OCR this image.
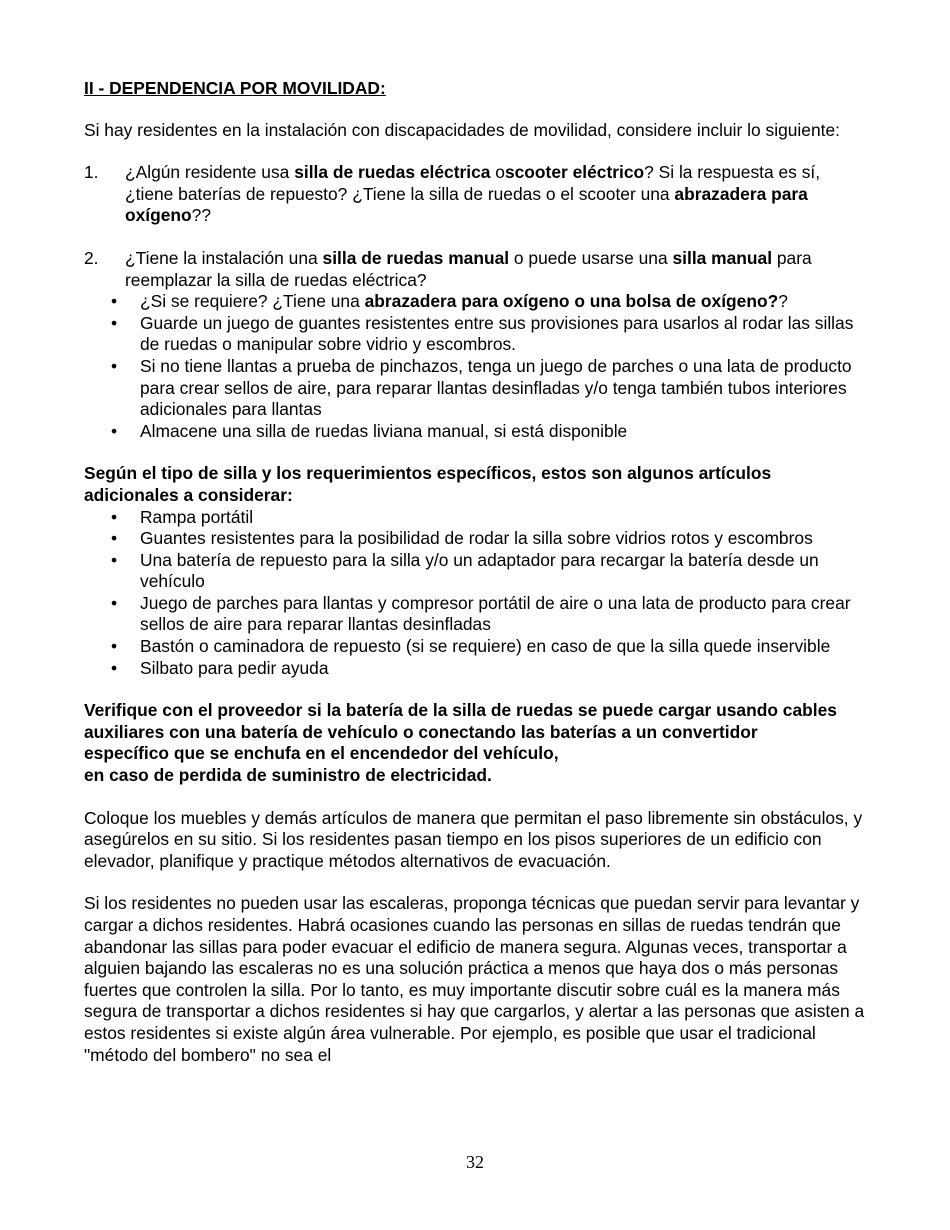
II - DEPENDENCIA POR MOVILIDAD:

Si hay residentes en la instalación con discapacidades de movilidad, considere incluir lo siguiente:

1. ¿Algún residente usa silla de ruedas eléctrica oscooter eléctrico? Si la respuesta es sí, ¿tiene baterías de repuesto? ¿Tiene la silla de ruedas o el scooter una abrazadera para oxígeno??

2. ¿Tiene la instalación una silla de ruedas manual o puede usarse una silla manual para reemplazar la silla de ruedas eléctrica?

• ¿Si se requiere? ¿Tiene una abrazadera para oxígeno o una bolsa de oxígeno??
• Guarde un juego de guantes resistentes entre sus provisiones para usarlos al rodar las sillas de ruedas o manipular sobre vidrio y escombros.
• Si no tiene llantas a prueba de pinchazos, tenga un juego de parches o una lata de producto para crear sellos de aire, para reparar llantas desinfladas y/o tenga también tubos interiores adicionales para llantas
• Almacene una silla de ruedas liviana manual, si está disponible

Según el tipo de silla y los requerimientos específicos, estos son algunos artículos adicionales a considerar:

• Rampa portátil
• Guantes resistentes para la posibilidad de rodar la silla sobre vidrios rotos y escombros
• Una batería de repuesto para la silla y/o un adaptador para recargar la batería desde un vehículo
• Juego de parches para llantas y compresor portátil de aire o una lata de producto para crear sellos de aire para reparar llantas desinfladas
• Bastón o caminadora de repuesto (si se requiere) en caso de que la silla quede inservible
• Silbato para pedir ayuda

Verifique con el proveedor si la batería de la silla de ruedas se puede cargar usando cables auxiliares con una batería de vehículo o conectando las baterías a un convertidor específico que se enchufa en el encendedor del vehículo,

en caso de perdida de suministro de electricidad.

Coloque los muebles y demás artículos de manera que permitan el paso libremente sin obstáculos, y asegúrelos en su sitio. Si los residentes pasan tiempo en los pisos superiores de un edificio con elevador, planifique y practique métodos alternativos de evacuación.

Si los residentes no pueden usar las escaleras, proponga técnicas que puedan servir para levantar y cargar a dichos residentes. Habrá ocasiones cuando las personas en sillas de ruedas tendrán que abandonar las sillas para poder evacuar el edificio de manera segura. Algunas veces, transportar a alguien bajando las escaleras no es una solución práctica a menos que haya dos o más personas fuertes que controlen la silla. Por lo tanto, es muy importante discutir sobre cuál es la manera más segura de transportar a dichos residentes si hay que cargarlos, y alertar a las personas que asisten a estos residentes si existe algún área vulnerable. Por ejemplo, es posible que usar el tradicional "método del bombero" no sea el

32
